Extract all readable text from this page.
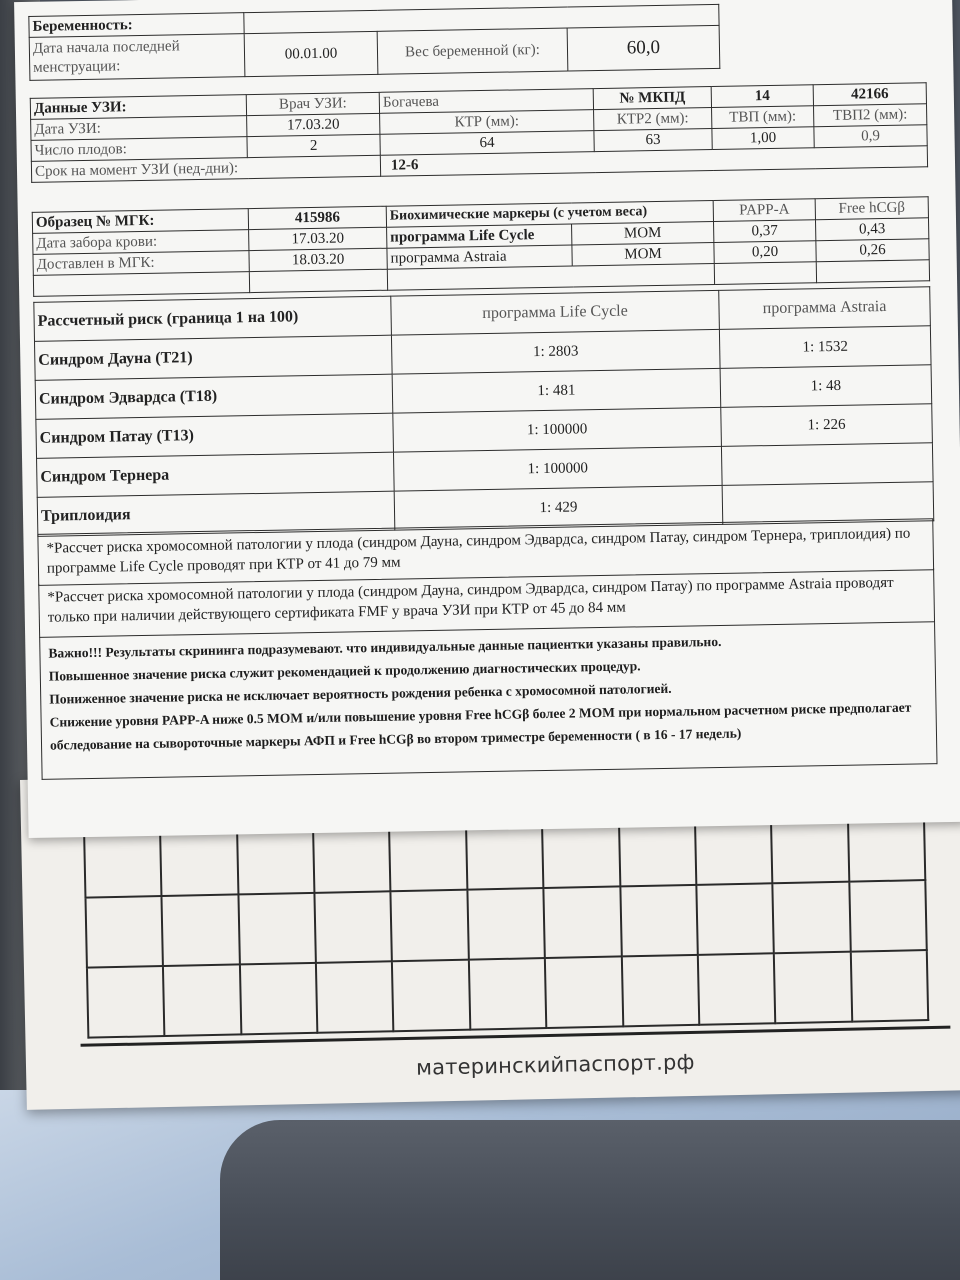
материнскийпаспорт.рф
Беременность:			
Дата начала последней менструации:	00.01.00	Вес беременной (кг):	60,0
Данные УЗИ:	Врач УЗИ:	Богачева	№ МКПД	14	42166
Дата УЗИ:	17.03.20	КТР (мм):	КТР2 (мм):	ТВП (мм):	ТВП2 (мм):
Число плодов:	2	64	63	1,00	0,9
Срок на момент УЗИ (нед-дни):		12-6			
Образец № МГК:	415986	Биохимические маркеры (с учетом веса)		PAPP-A	Free hCGβ
Дата забора крови:	17.03.20	программа Life Cycle	МОМ	0,37	0,43
Доставлен в МГК:	18.03.20	программа Astraia	МОМ	0,20	0,26

Рассчетный риск (граница 1 на 100)	программа Life Cycle	программа Astraia
Синдром Дауна (Т21)	1: 2803	1: 1532
Синдром Эдвардса (Т18)	1: 481	1: 48
Синдром Патау (Т13)	1: 100000	1: 226
Синдром Тернера	1: 100000	
Триплоидия	1: 429	
*Рассчет риска хромосомной патологии у плода (синдром Дауна, синдром Эдвардса, синдром Патау, синдром Тернера, триплоидия) по программе Life Cycle проводят при КТР от 41 до 79 мм
*Рассчет риска хромосомной патологии у плода (синдром Дауна, синдром Эдвардса, синдром Патау) по программе Astraia проводят только при наличии действующего сертификата FMF у врача УЗИ при КТР от 45 до 84 мм

Важно!!! Результаты скрининга подразумевают. что индивидуальные данные пациентки указаны правильно.

Повышенное значение риска служит рекомендацией к продолжению диагностических процедур.

Пониженное значение риска не исключает вероятность рождения ребенка с хромосомной патологией.

Снижение уровня PAPP-A ниже 0.5 MOM и/или повышение уровня Free hCGβ более 2 MOM при нормальном расчетном риске предполагает обследование на сывороточные маркеры АФП и Free hCGβ во втором триместре беременности ( в 16 - 17 недель)
